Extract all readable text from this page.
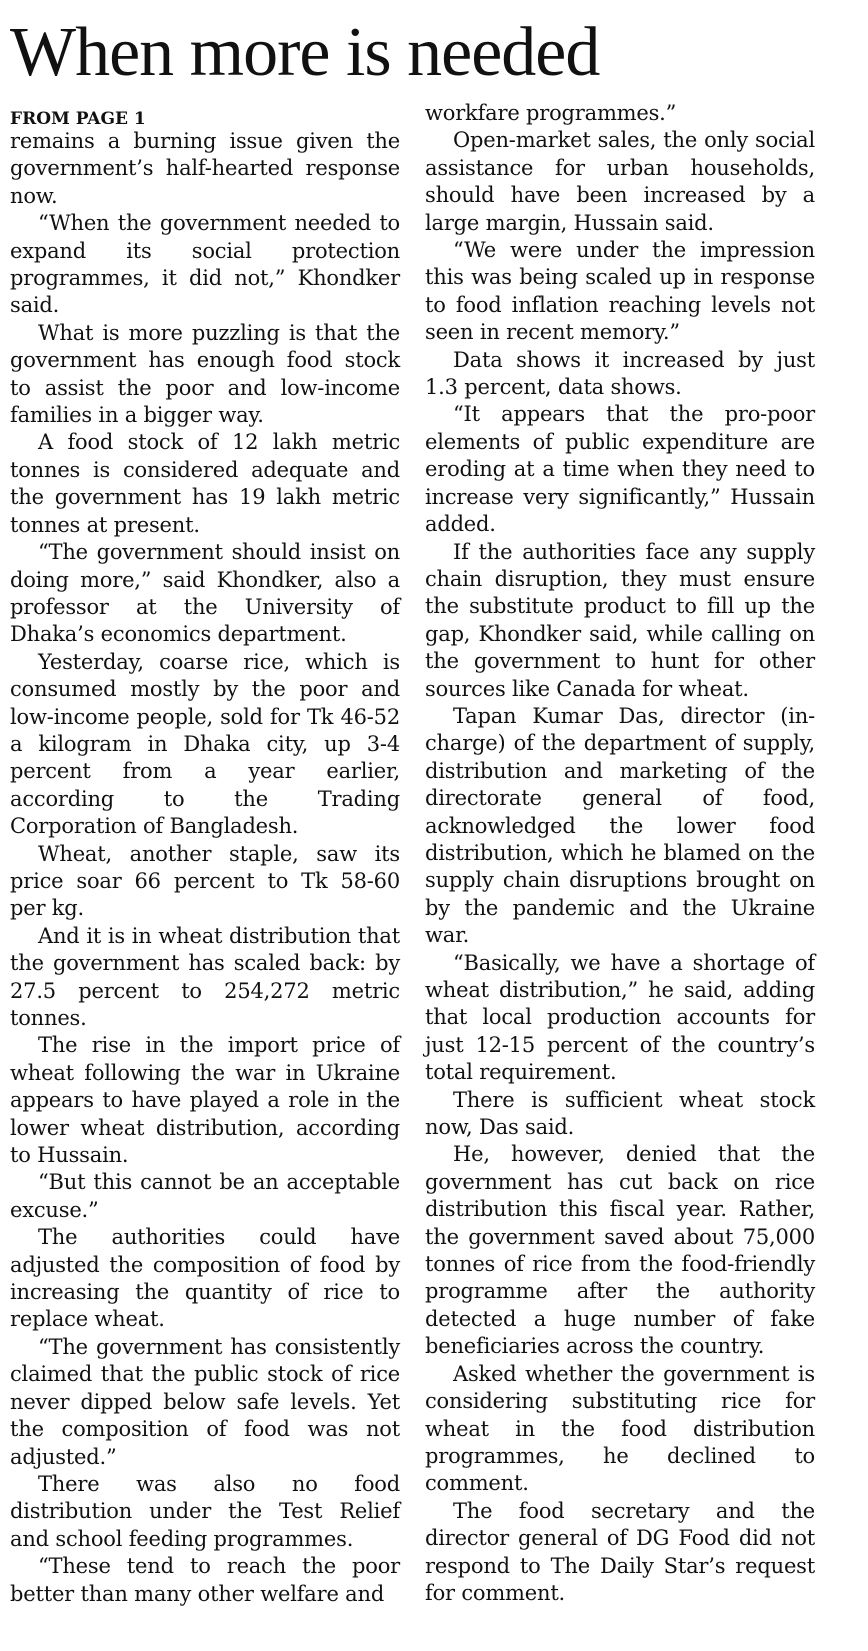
When more is needed
FROM PAGE 1

remains a burning issue given the government’s half-hearted response now.

“When the government needed to expand its social protection programmes, it did not,” Khondker said.

What is more puzzling is that the government has enough food stock to assist the poor and low-income families in a bigger way.

A food stock of 12 lakh metric tonnes is considered adequate and the government has 19 lakh metric tonnes at present.

“The government should insist on doing more,” said Khondker, also a professor at the University of Dhaka’s economics department.

Yesterday, coarse rice, which is consumed mostly by the poor and low-income people, sold for Tk 46-52 a kilogram in Dhaka city, up 3-4 percent from a year earlier, according to the Trading Corporation of Bangladesh.

Wheat, another staple, saw its price soar 66 percent to Tk 58-60 per kg.

And it is in wheat distribution that the government has scaled back: by 27.5 percent to 254,272 metric tonnes.

The rise in the import price of wheat following the war in Ukraine appears to have played a role in the lower wheat distribution, according to Hussain.

“But this cannot be an acceptable excuse.”

The authorities could have adjusted the composition of food by increasing the quantity of rice to replace wheat.

“The government has consistently claimed that the public stock of rice never dipped below safe levels. Yet the composition of food was not adjusted.”

There was also no food distribution under the Test Relief and school feeding programmes.

“These tend to reach the poor better than many other welfare and

workfare programmes.”

Open-market sales, the only social assistance for urban households, should have been increased by a large margin, Hussain said.

“We were under the impression this was being scaled up in response to food inflation reaching levels not seen in recent memory.”

Data shows it increased by just 1.3 percent, data shows.

“It appears that the pro-poor elements of public expenditure are eroding at a time when they need to increase very significantly,” Hussain added.

If the authorities face any supply chain disruption, they must ensure the substitute product to fill up the gap, Khondker said, while calling on the government to hunt for other sources like Canada for wheat.

Tapan Kumar Das, director (in-charge) of the department of supply, distribution and marketing of the directorate general of food, acknowledged the lower food distribution, which he blamed on the supply chain disruptions brought on by the pandemic and the Ukraine war.

“Basically, we have a shortage of wheat distribution,” he said, adding that local production accounts for just 12-15 percent of the country’s total requirement.

There is sufficient wheat stock now, Das said.

He, however, denied that the government has cut back on rice distribution this fiscal year. Rather, the government saved about 75,000 tonnes of rice from the food-friendly programme after the authority detected a huge number of fake beneficiaries across the country.

Asked whether the government is considering substituting rice for wheat in the food distribution programmes, he declined to comment.

The food secretary and the director general of DG Food did not respond to The Daily Star’s request for comment.
